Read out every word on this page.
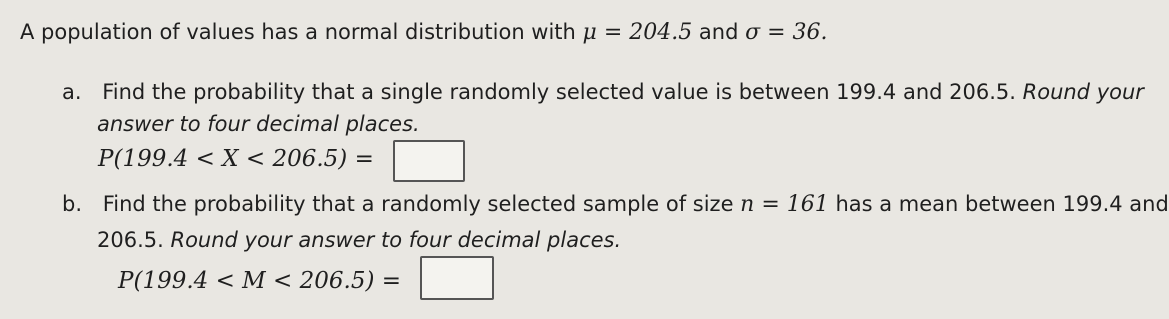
A population of values has a normal distribution with μ = 204.5 and σ = 36.
a. Find the probability that a single randomly selected value is between 199.4 and 206.5. Round your
answer to four decimal places.
P(199.4 < X < 206.5) =
b. Find the probability that a randomly selected sample of size n = 161 has a mean between 199.4 and
206.5. Round your answer to four decimal places.
P(199.4 < M < 206.5) =
